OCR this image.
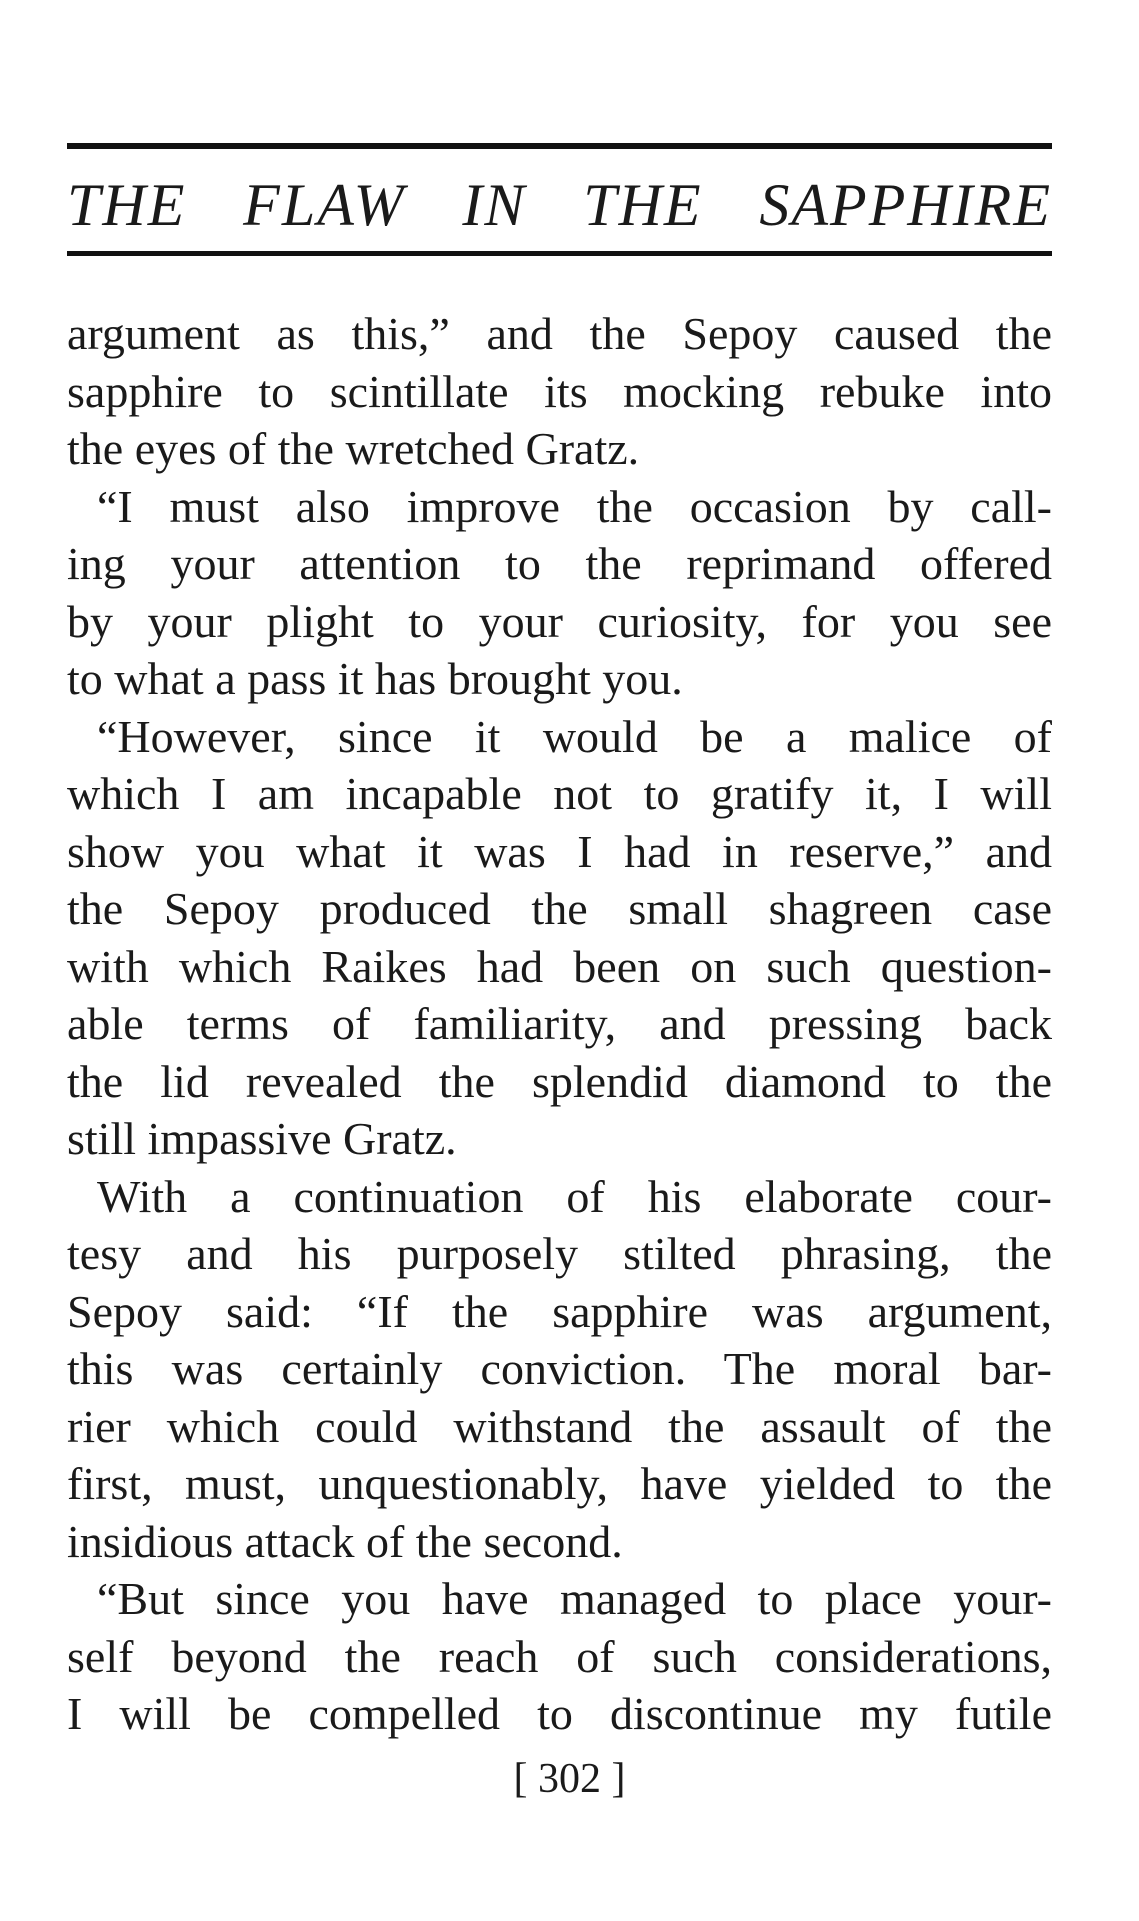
THE FLAW IN THE SAPPHIRE
argument as this,” and the Sepoy caused the
sapphire to scintillate its mocking rebuke into
the eyes of the wretched Gratz.
“I must also improve the occasion by call-
ing your attention to the reprimand offered
by your plight to your curiosity, for you see
to what a pass it has brought you.
“However, since it would be a malice of
which I am incapable not to gratify it, I will
show you what it was I had in reserve,” and
the Sepoy produced the small shagreen case
with which Raikes had been on such question-
able terms of familiarity, and pressing back
the lid revealed the splendid diamond to the
still impassive Gratz.
With a continuation of his elaborate cour-
tesy and his purposely stilted phrasing, the
Sepoy said: “If the sapphire was argument,
this was certainly conviction. The moral bar-
rier which could withstand the assault of the
first, must, unquestionably, have yielded to the
insidious attack of the second.
“But since you have managed to place your-
self beyond the reach of such considerations,
I will be compelled to discontinue my futile
[ 302 ]
